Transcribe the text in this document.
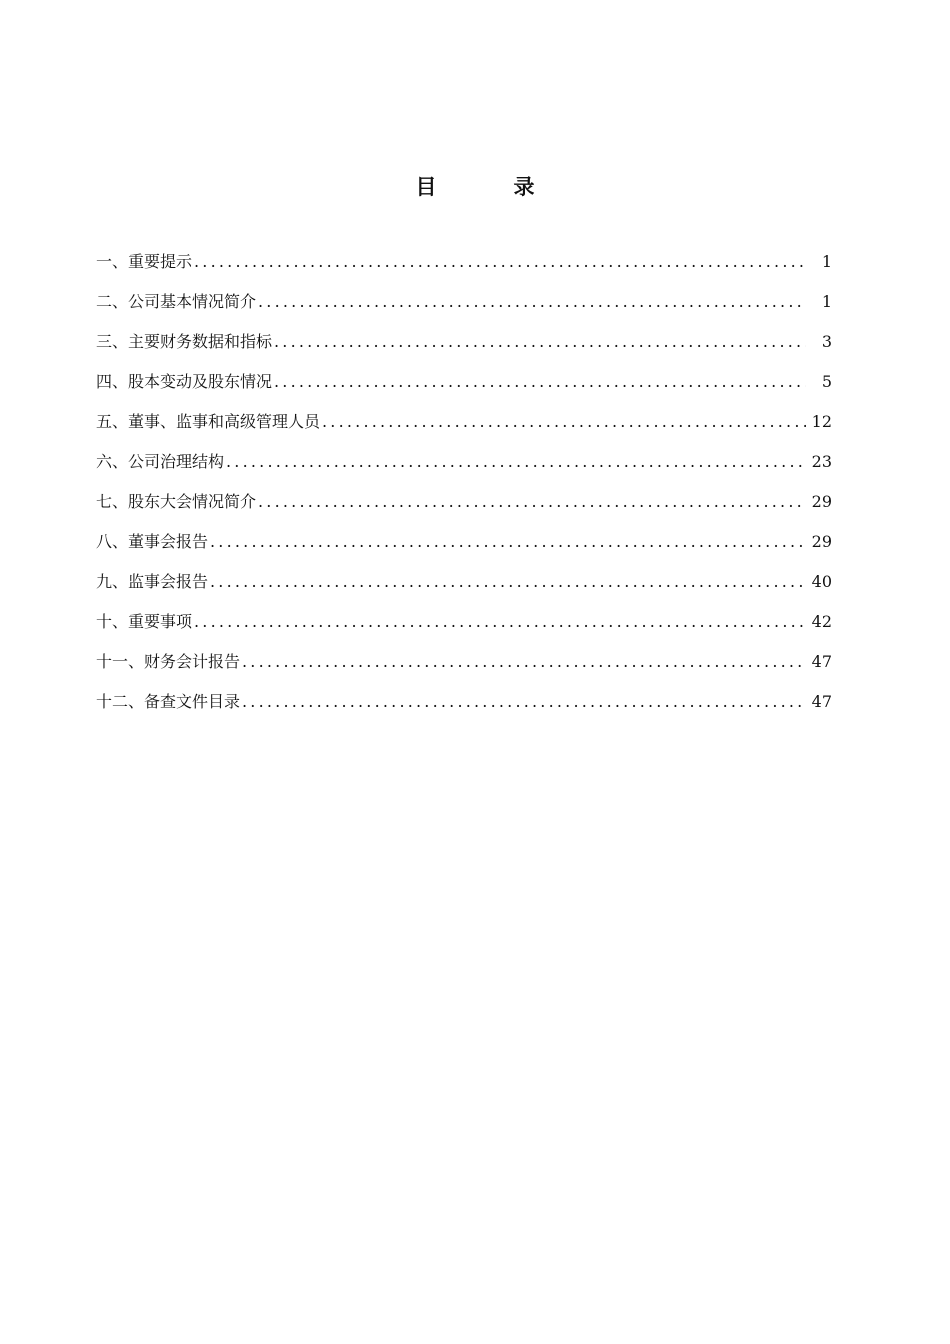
目　录
一、重要提示 .....	1
二、公司基本情况简介 .....	1
三、主要财务数据和指标 .....	3
四、股本变动及股东情况 .....	5
五、董事、监事和高级管理人员 .....	12
六、公司治理结构 .....	23
七、股东大会情况简介 .....	29
八、董事会报告 .....	29
九、监事会报告 .....	40
十、重要事项 .....	42
十一、财务会计报告 .....	47
十二、备查文件目录 .....	47
